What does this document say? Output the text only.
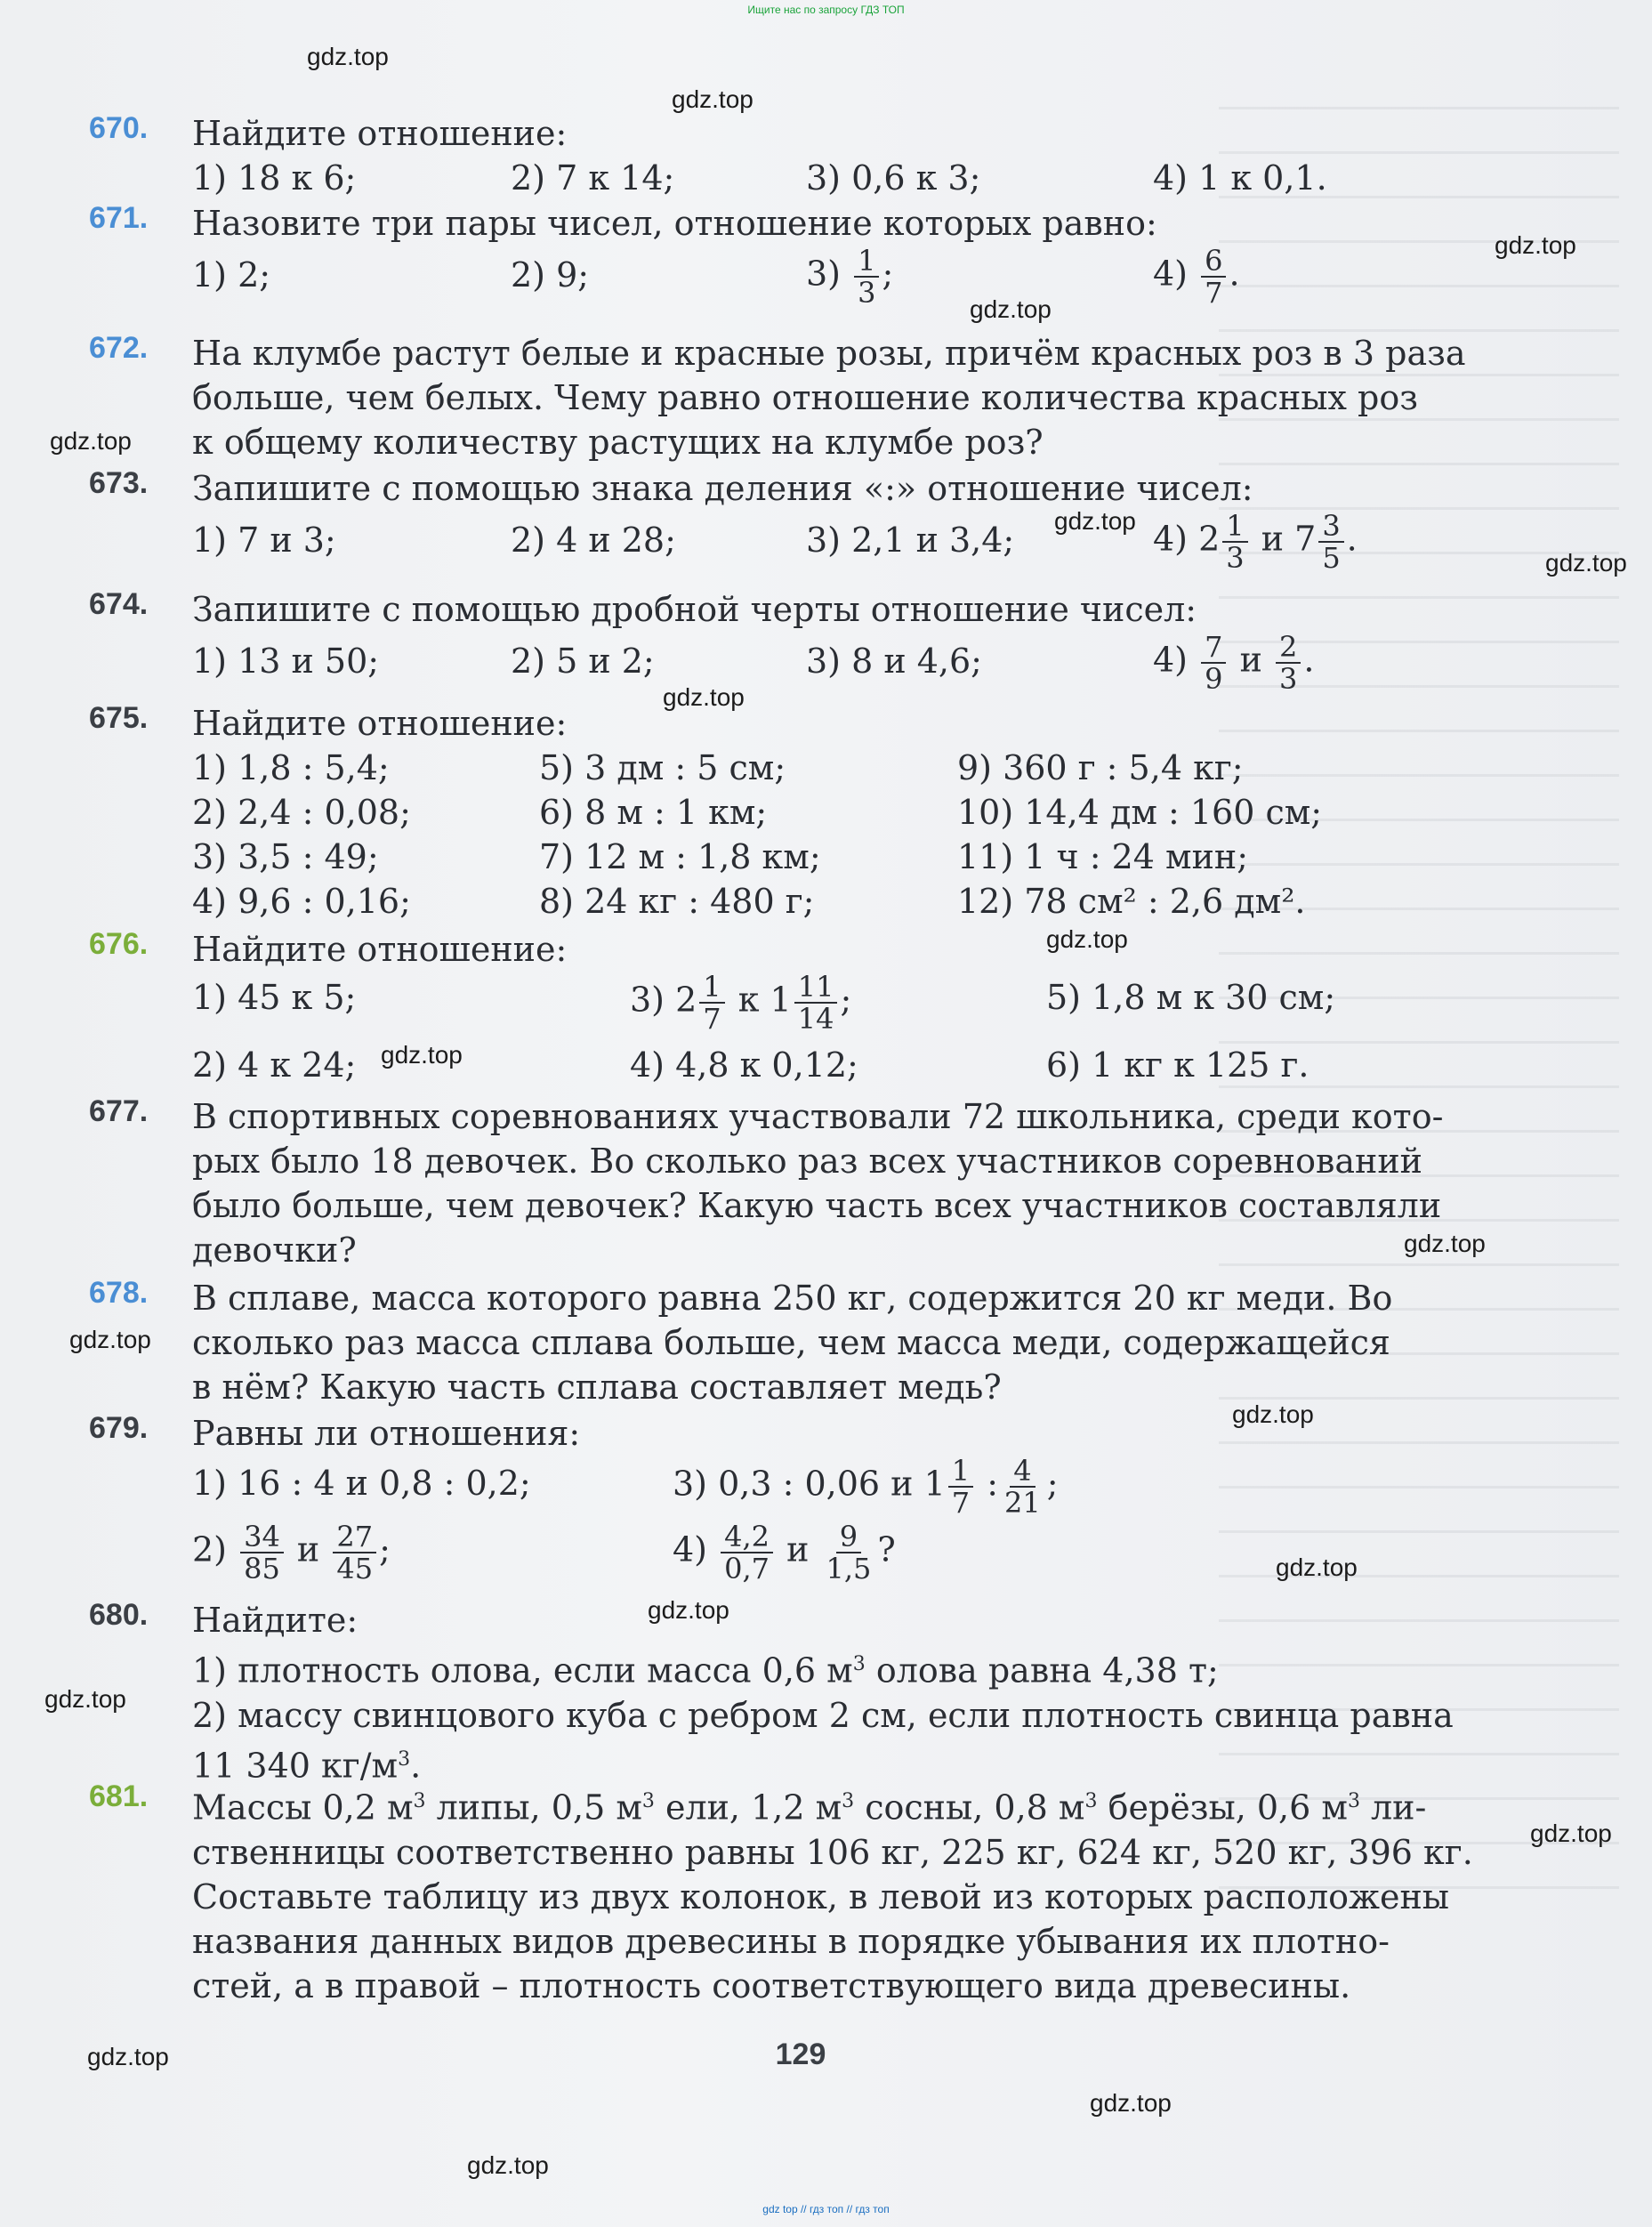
Ищите нас по запросу ГДЗ ТОП
gdz.top
gdz.top
gdz.top
gdz.top
gdz.top
gdz.top
gdz.top
gdz.top
gdz.top
gdz.top
gdz.top
gdz.top
gdz.top
gdz.top
gdz.top
gdz.top
gdz.top
gdz.top
gdz.top
gdz.top
670. Найдите отношение:
1) 18 к 6;	2) 7 к 14;	3) 0,6 к 3;	4) 1 к 0,1.
671. Назовите три пары чисел, отношение которых равно:
1) 2;	2) 9;	$3) \frac{1}{3}$ ;	$4) \frac{6}{7}$ .
672. На клумбе растут белые и красные розы, причём красных роз в 3 раза
больше, чем белых. Чему равно отношение количества красных роз
к общему количеству растущих на клумбе роз?
673. Запишите с помощью знака деления «:» отношение чисел:
1) 7 и 3;	2) 4 и 28;	3) 2,1 и 3,4;	4) $2 \frac{1}{3}$ и $7 \frac{3}{5}$ .
674. Запишите с помощью дробной черты отношение чисел:
1) 13 и 50;	2) 5 и 2;	3) 8 и 4,6;	$4) \frac{7}{9}$ и $\frac{2}{3}$ .
675. Найдите отношение:
1) 1,8 : 5,4;	5) 3 дм : 5 см;	9) 360 г : 5,4 кг;
2) 2,4 : 0,08;	6) 8 м : 1 км;	10) 14,4 дм : 160 см;
3) 3,5 : 49;	7) 12 м : 1,8 км;	11) 1 ч : 24 мин;
4) 9,6 : 0,16;	8) 24 кг : 480 г;	12) 78 см² : 2,6 дм².
676. Найдите отношение:
1) 45 к 5;	3) $2 \frac{1}{7}$ к $1 \frac{11}{14}$ ;	5) 1,8 м к 30 см;
2) 4 к 24;	4) 4,8 к 0,12;	6) 1 кг к 125 г.
677. В спортивных соревнованиях участвовали 72 школьника, среди кото-
рых было 18 девочек. Во сколько раз всех участников соревнований
было больше, чем девочек? Какую часть всех участников составляли
девочки?
678. В сплаве, масса которого равна 250 кг, содержится 20 кг меди. Во
сколько раз масса сплава больше, чем масса меди, содержащейся
в нём? Какую часть сплава составляет медь?
679. Равны ли отношения:
1) 16 : 4 и 0,8 : 0,2;	3) 0,3 : 0,06 и $1 \frac{1}{7}$ : $\frac{4}{21}$ ;
$2) \frac{34}{85}$ и $\frac{27}{45}$ ;	$4) \frac{4,2}{0,7}$ и $\frac{9}{1,5}$ ?
680. Найдите:
1) плотность олова, если масса 0,6 $м^3$ олова равна 4,38 т;
2) массу свинцового куба с ребром 2 см, если плотность свинца равна
11 340 $кг/м^3$.
681. Массы 0,2 $м^3$ липы, 0,5 $м^3$ ели, 1,2 $м^3$ сосны, 0,8 $м^3$ берёзы, 0,6 $м^3$ ли-
ственницы соответственно равны 106 кг, 225 кг, 624 кг, 520 кг, 396 кг.
Составьте таблицу из двух колонок, в левой из которых расположены
названия данных видов древесины в порядке убывания их плотно-
стей, а в правой – плотность соответствующего вида древесины.
129
gdz top // гдз топ // гдз топ
